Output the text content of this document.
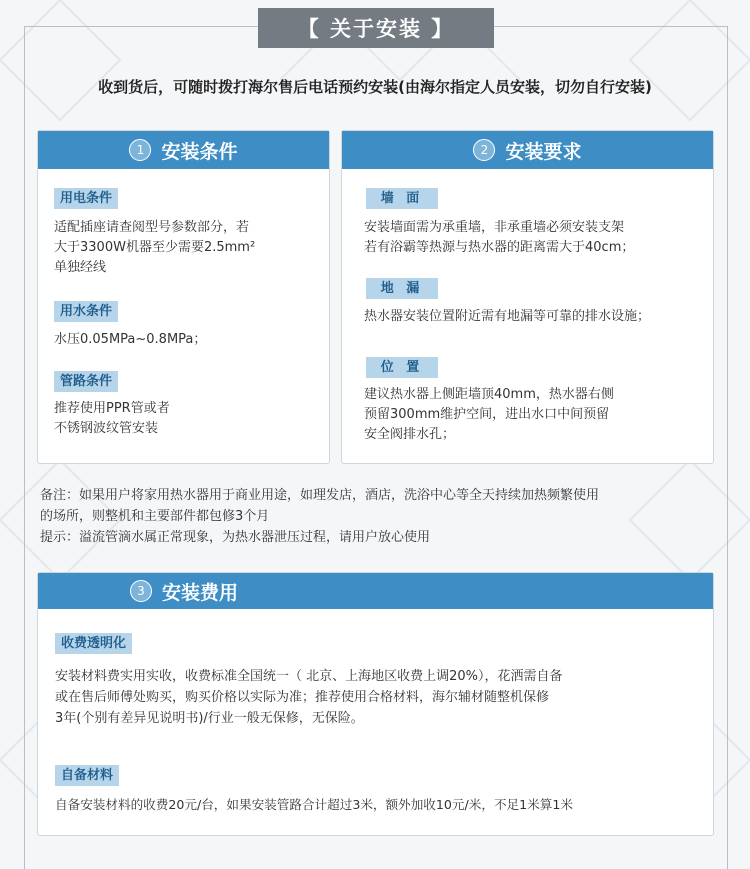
【 关于安装 】
收到货后，可随时拨打海尔售后电话预约安装(由海尔指定人员安装，切勿自行安装)
1 安装条件
用电条件
适配插座请查阅型号参数部分，若
大于3300W机器至少需要2.5mm²
单独经线
用水条件
水压0.05MPa~0.8MPa；
管路条件
推荐使用PPR管或者
不锈钢波纹管安装
2 安装要求
墙 面
安装墙面需为承重墙，非承重墙必须安装支架
若有浴霸等热源与热水器的距离需大于40cm；
地 漏
热水器安装位置附近需有地漏等可靠的排水设施；
位 置
建议热水器上侧距墙顶40mm，热水器右侧
预留300mm维护空间，进出水口中间预留
安全阀排水孔；
备注：如果用户将家用热水器用于商业用途，如理发店，酒店，洗浴中心等全天持续加热频繁使用
的场所，则整机和主要部件都包修3个月
提示：溢流管滴水属正常现象，为热水器泄压过程，请用户放心使用
3 安装费用
收费透明化
安装材料费实用实收，收费标准全国统一（ 北京、上海地区收费上调20%），花洒需自备
或在售后师傅处购买，购买价格以实际为准；推荐使用合格材料，海尔辅材随整机保修
3年(个别有差异见说明书)/行业一般无保修，无保险。
自备材料
自备安装材料的收费20元/台，如果安装管路合计超过3米，额外加收10元/米，不足1米算1米
